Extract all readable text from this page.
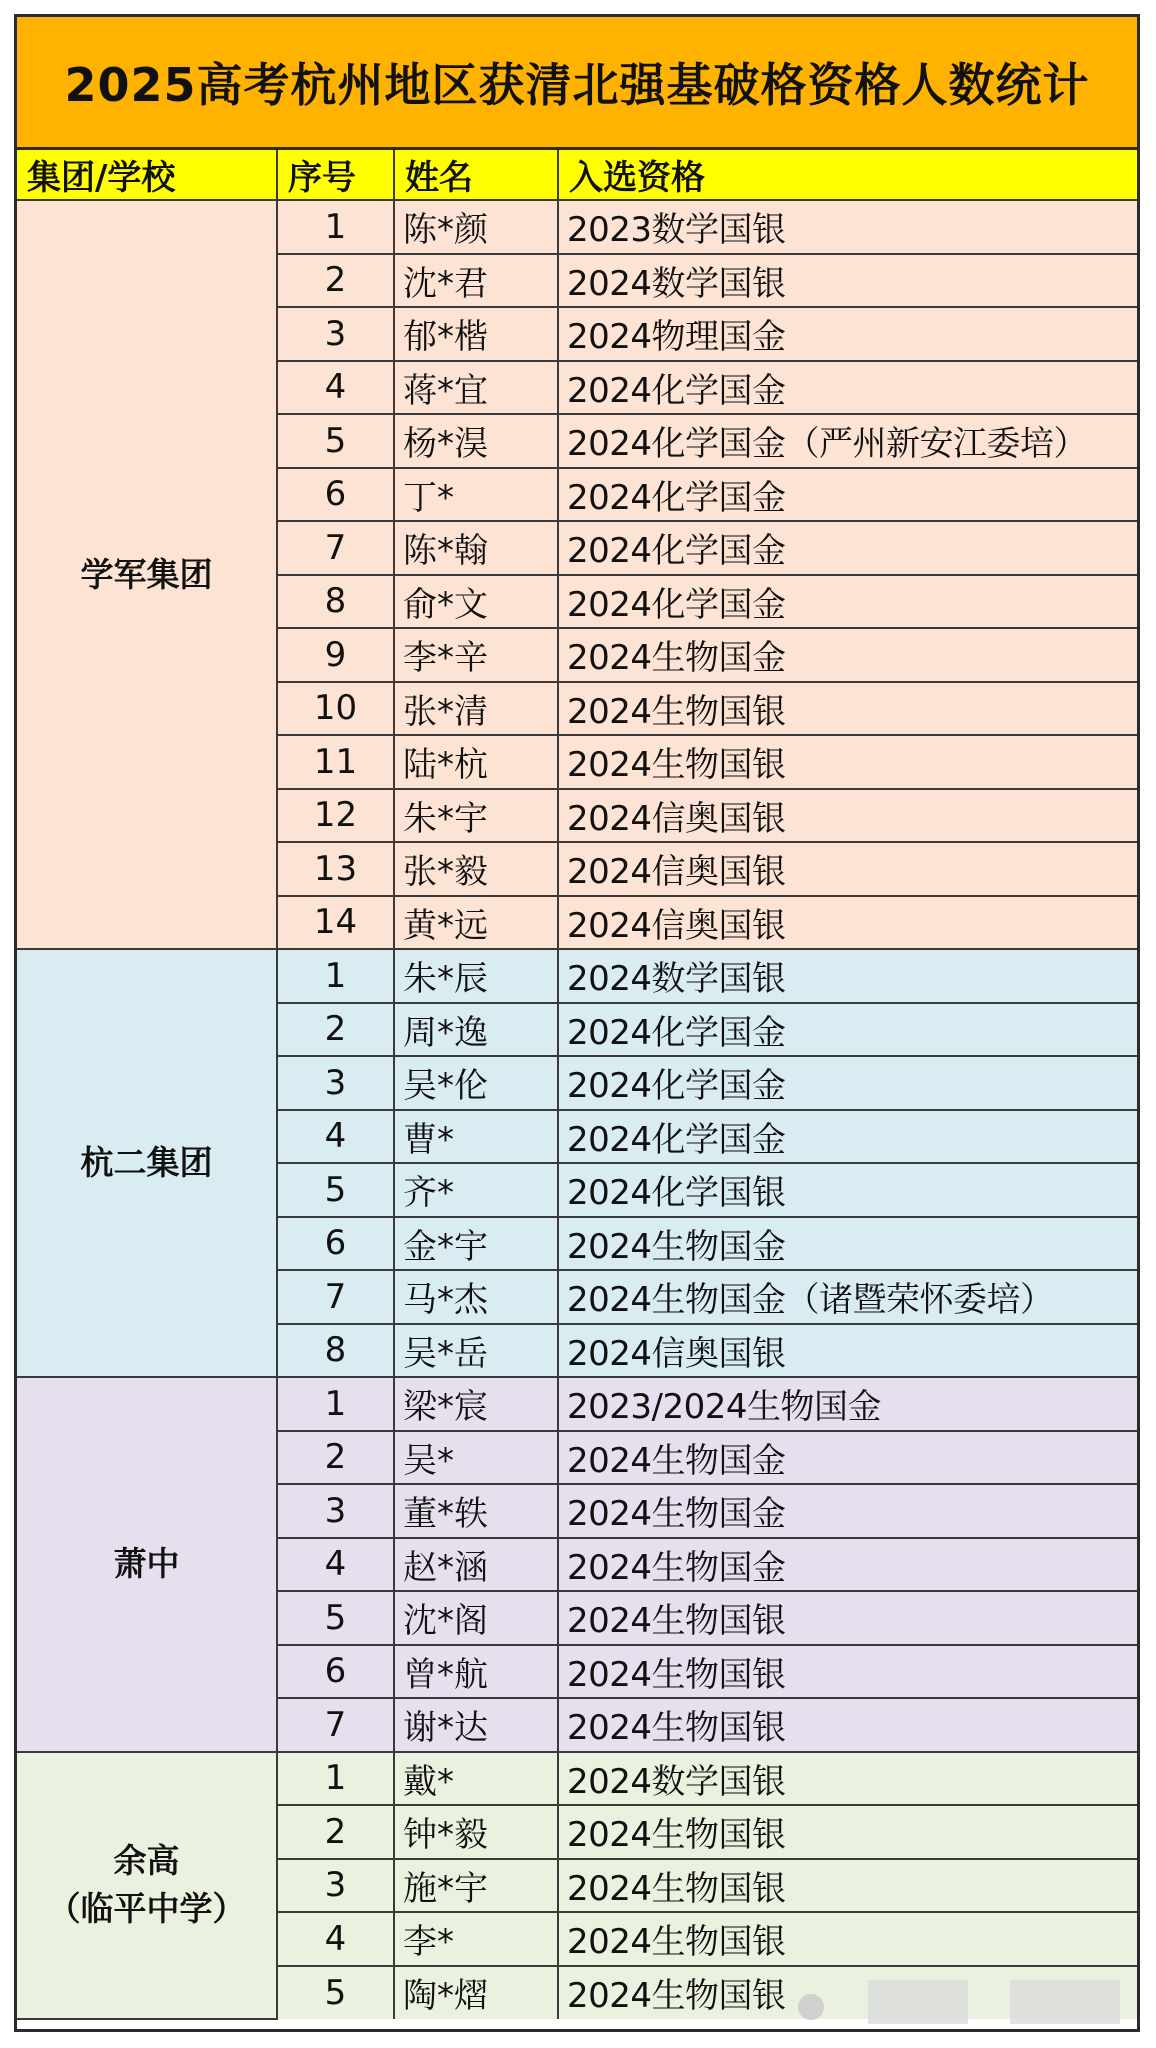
2025高考杭州地区获清北强基破格资格人数统计
集团/学校	序号	姓名	入选资格

学军集团	1	陈*颜	2023数学国银
	2	沈*君	2024数学国银
	3	郁*楷	2024物理国金
	4	蒋*宜	2024化学国金
	5	杨*淏	2024化学国金（严州新安江委培）
	6	丁*	2024化学国金
	7	陈*翰	2024化学国金
	8	俞*文	2024化学国金
	9	李*辛	2024生物国金
	10	张*清	2024生物国银
	11	陆*杭	2024生物国银
	12	朱*宇	2024信奥国银
	13	张*毅	2024信奥国银
	14	黄*远	2024信奥国银

杭二集团	1	朱*辰	2024数学国银
	2	周*逸	2024化学国金
	3	吴*伦	2024化学国金
	4	曹*	2024化学国金
	5	齐*	2024化学国银
	6	金*宇	2024生物国金
	7	马*杰	2024生物国金（诸暨荣怀委培）
	8	吴*岳	2024信奥国银

萧中	1	梁*宸	2023/2024生物国金
	2	吴*	2024生物国金
	3	董*轶	2024生物国金
	4	赵*涵	2024生物国金
	5	沈*阁	2024生物国银
	6	曾*航	2024生物国银
	7	谢*达	2024生物国银

余高
（临平中学）	1	戴*	2024数学国银
	2	钟*毅	2024生物国银
	3	施*宇	2024生物国银
	4	李*	2024生物国银
	5	陶*熠	2024生物国银
